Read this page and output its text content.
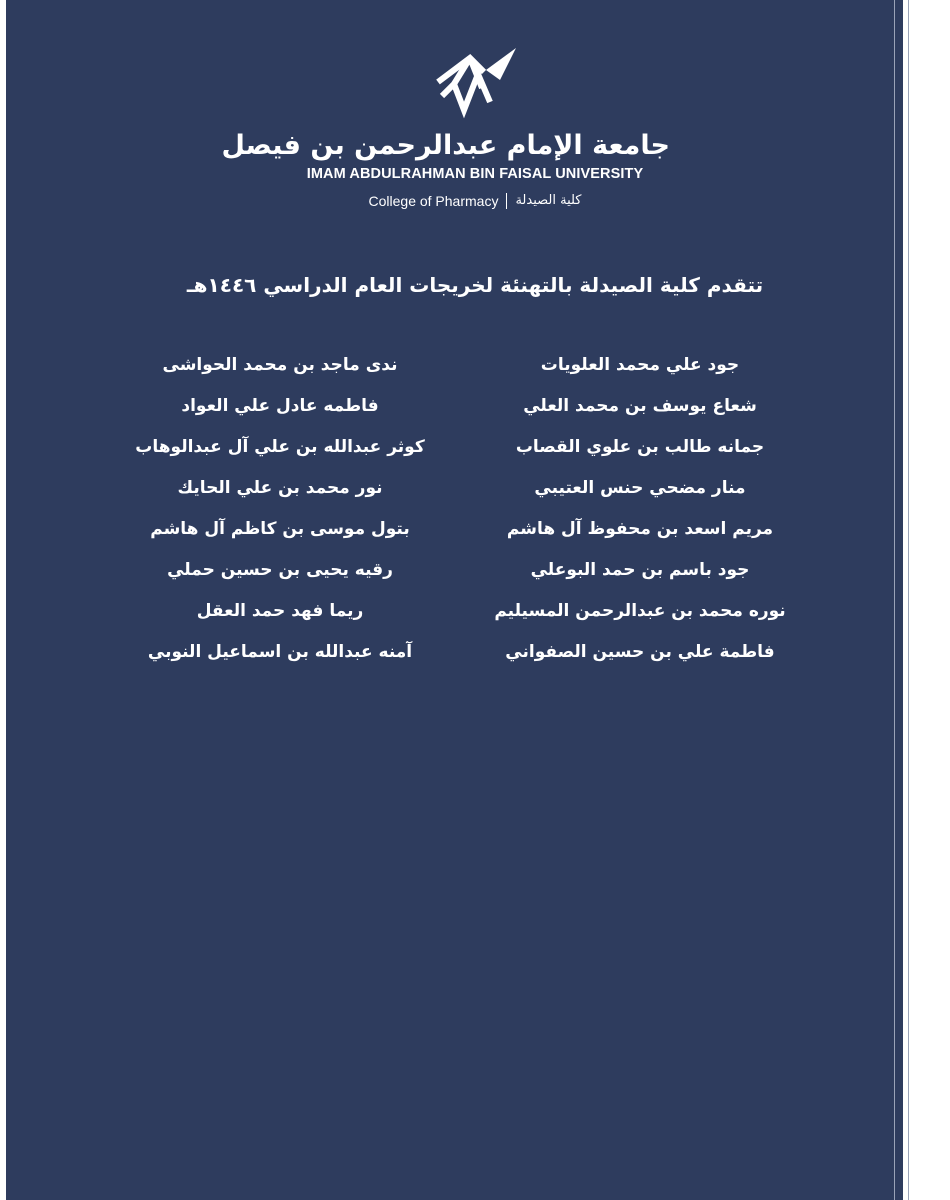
جامعة الإمام عبدالرحمن بن فيصل
IMAM ABDULRAHMAN BIN FAISAL UNIVERSITY
College of Pharmacy كلية الصيدلة
تتقدم كلية الصيدلة بالتهنئة لخريجات العام الدراسي ١٤٤٦هـ
جود علي محمد العلويات
شعاع يوسف بن محمد العلي
جمانه طالب بن علوي القصاب
منار مضحي حنس العتيبي
مريم اسعد بن محفوظ آل هاشم
جود باسم بن حمد البوعلي
نوره محمد بن عبدالرحمن المسيليم
فاطمة علي بن حسين الصفواني
ندى ماجد بن محمد الحواشى
فاطمه عادل علي العواد
كوثر عبدالله بن علي آل عبدالوهاب
نور محمد بن علي الحايك
بتول موسى بن كاظم آل هاشم
رقيه يحيى بن حسين حملي
ريما فهد حمد العقل
آمنه عبدالله بن اسماعيل النوبي
